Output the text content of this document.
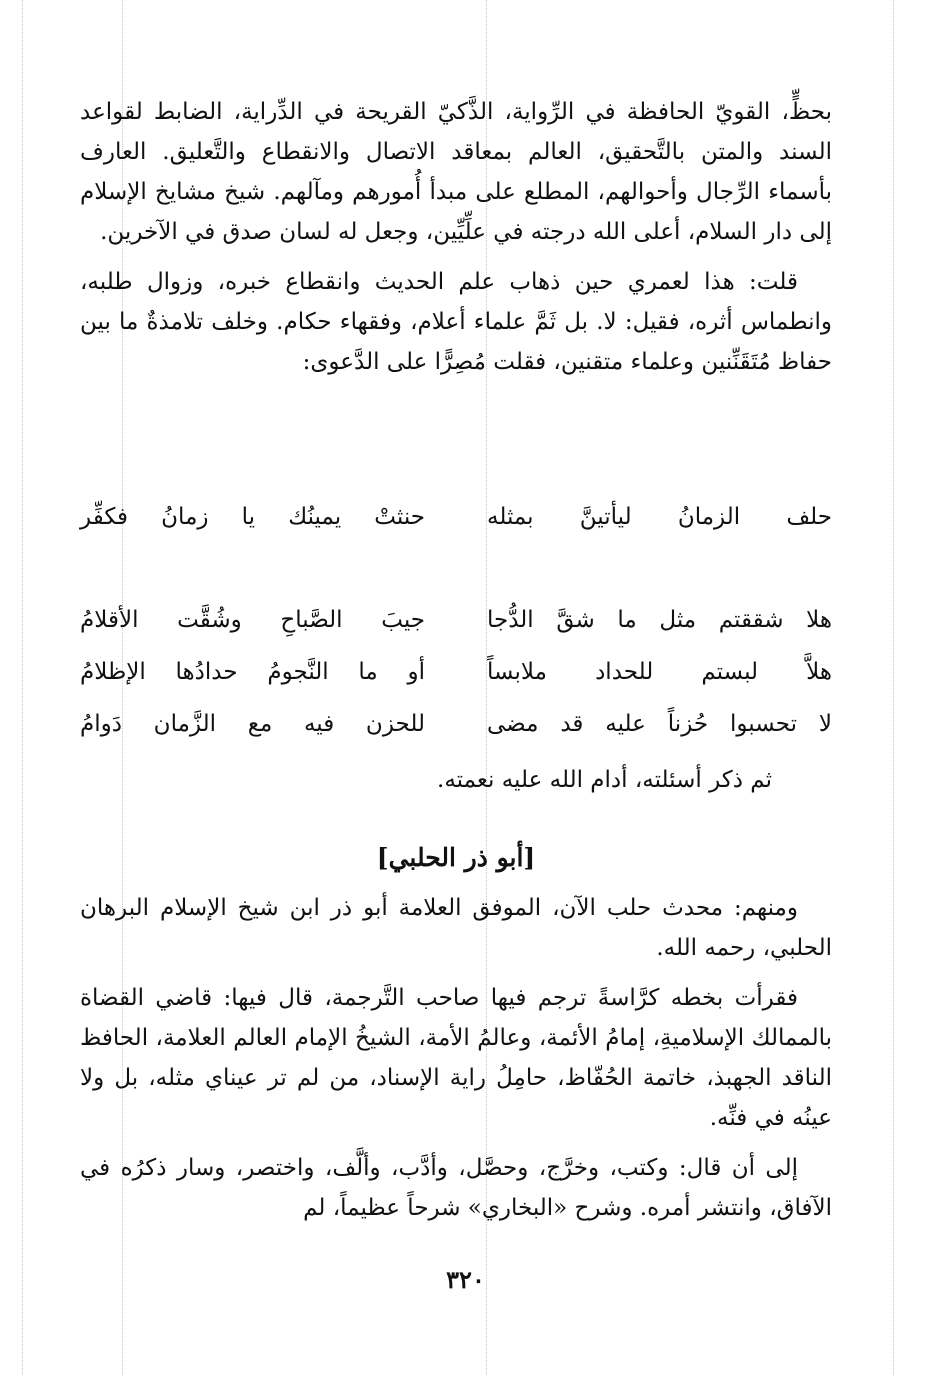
بحظٍّ، القويّ الحافظة في الرِّواية، الذَّكيّ القريحة في الدِّراية، الضابط لقواعد السند والمتن بالتَّحقيق، العالم بمعاقد الاتصال والانقطاع والتَّعليق. العارف بأسماء الرِّجال وأحوالهم، المطلع على مبدأ أُمورهم ومآلهم. شيخ مشايخ الإسلام إلى دار السلام، أعلى الله درجته في علِّيِّين، وجعل له لسان صدق في الآخرين.

قلت: هذا لعمري حين ذهاب علم الحديث وانقطاع خبره، وزوال طلبه، وانطماس أثره، فقيل: لا. بل ثَمَّ علماء أعلام، وفقهاء حكام. وخلف تلامذةٌ ما بين حفاظ مُتَقَنِّنين وعلماء متقنين، فقلت مُصِرًّا على الدَّعوى:

حلف الزمانُ ليأتينَّ بمثله
حنثتْ يمينُك يا زمانُ فكفِّر
هلا شققتم مثل ما شقَّ الدُّجا
جيبَ الصَّباحِ وشُقَّت الأقلامُ
هلاَّ لبستم للحداد ملابساً
أو ما النَّجومُ حدادُها الإظلامُ
لا تحسبوا حُزناً عليه قد مضى
للحزن فيه مع الزَّمان دَوامُ

ثم ذكر أسئلته، أدام الله عليه نعمته.

[أبو ذر الحلبي]

ومنهم: محدث حلب الآن، الموفق العلامة أبو ذر ابن شيخ الإسلام البرهان الحلبي، رحمه الله.

فقرأت بخطه كرَّاسةً ترجم فيها صاحب التَّرجمة، قال فيها: قاضي القضاة بالممالك الإسلاميةِ، إمامُ الأئمة، وعالمُ الأمة، الشيخُ الإمام العالم العلامة، الحافظ الناقد الجهبذ، خاتمة الحُفّاظ، حامِلُ راية الإسناد، من لم تر عيناي مثله، بل ولا عينُه في فنِّه.

إلى أن قال: وكتب، وخرَّج، وحصَّل، وأدَّب، وألَّف، واختصر، وسار ذكرُه في الآفاق، وانتشر أمره. وشرح «البخاري» شرحاً عظيماً، لم

٣٢٠
